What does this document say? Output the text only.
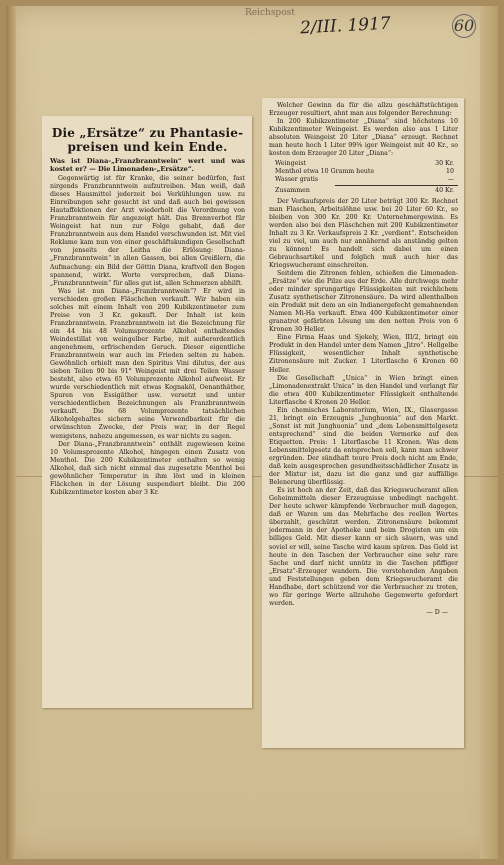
Reichspost
2/III. 1917	60
Die „Ersätze“ zu Phantasiepreisen und kein Ende.
Was ist Diana-„Franzbranntwein“ wert und was kostet er? — Die Limonaden-„Ersätze“.

Gegenwärtig ist für Kranke, die seiner bedürfen, fast nirgends Franzbranntwein aufzutreiben. Man weiß, daß dieses Hausmittel jederzeit bei Verkühlungen usw. zu Einreibungen sehr gesucht ist und daß auch bei gewissen Hautaffektionen der Arzt wiederholt die Verordnung von Franzbranntwein für angezeigt hält. Das Brennverbot für Weingeist hat nun zur Folge gehabt, daß der Franzbranntwein aus dem Handel verschwunden ist. Mit viel Reklame kam nun von einer geschäftskundigen Gesellschaft von jenseits der Leitha die Erlösung: Diana-„Franzbranntwein“ in allen Gassen, bei allen Greißlern, die Aufmachung: ein Bild der Göttin Diana, kraftvoll den Bogen spannend, wirkt. Worte versprechen, daß Diana-„Franzbranntwein“ für alles gut ist, allen Schmerzen abhilft.

Was ist nun Diana-„Franzbranntwein“? Er wird in verschieden großen Fläschchen verkauft. Wir haben ein solches mit einem Inhalt von 200 Kubikzentimeter zum Preise von 3 Kr. gekauft. Der Inhalt ist kein Franzbranntwein. Franzbranntwein ist die Bezeichnung für ein 44 bis 48 Volumsprozente Alkohol enthaltendes Weindestillat von weingelber Farbe, mit außerordentlich angenehmem, erfrischenden Geruch. Dieser eigentliche Franzbranntwein war auch im Frieden selten zu haben. Gewöhnlich erhielt man den Spiritus Vini dilutus, der aus sieben Teilen 90 bis 91° Weingeist mit drei Teilen Wasser besteht, also etwa 65 Volumprozente Alkohol aufweist. Er wurde verschiedentlich mit etwas Kognaköl, Oenanthäther, Spuren von Essigäther usw. versetzt und unter verschiedentlichen Bezeichnungen als Franzbranntwein verkauft. Die 68 Volumprozente tatsächlichen Alkoholgehaltes sichern seine Verwendbarkeit für die erwünschten Zwecke, der Preis war, in der Regel wenigstens, nahezu angemessen, es war nichts zu sagen.

Der Diana-„Franzbranntwein“ enthält zugewiesen keine 10 Volumsprozente Alkohol, hingegen einen Zusatz von Menthol. Die 200 Kubikzentimeter enthalten so wenig Alkohol, daß sich nicht einmal das zugesetzte Menthol bei gewöhnlicher Temperatur in ihm löst und in kleinen Fläckchen in der Lösung suspendiert bleibt. Die 200 Kubikzentimeter kosten aber 3 Kr.

Welcher Gewinn da für die allzu geschäftstüchtigen Erzeuger resultiert, ahnt man aus folgender Berechnung:

In 200 Kubikzentimeter „Diana“ sind höchstens 10 Kubikzentimeter Weingeist. Es werden also aus 1 Liter absoluten Weingeist 20 Liter „Diana“ erzeugt. Rechnet man heute hoch 1 Liter 99⅜ iger Weingeist mit 40 Kr., so kosten dem Erzeuger 20 Liter „Diana“:

Weingeist	30 Kr.
Menthol etwa 10 Gramm heute	10
Wasser gratis	—
Zusammen	40 Kr.

Der Verkaufspreis der 20 Liter beträgt 300 Kr. Rechnet man Flaschen, Arbeitslöhne usw. bei 20 Liter 60 Kr., so bleiben von 300 Kr. 200 Kr. Unternehmergewinn. Es werden also bei den Fläschchen mit 200 Kubikzentimeter Inhalt zu 3 Kr. Verkaufspreis 2 Kr. „verdient“. Entscheiden viel zu viel, um auch nur annähernd als anständig gelten zu können! Es handelt sich dabei um einen Gebrauchsartikel und folglich muß auch hier das Kriegswucheramt einschreiten.

Seitdem die Zitronen fehlen, schießen die Limonaden-„Ersätze“ wie die Pilze aus der Erde. Alle durchwegs mehr oder minder sprungartige Flüssigkeiten mit reichlichem Zusatz synthetischer Zitronensäure. Da wird allenthalben ein Produkt mit dem an ein Indianergefecht gemahnenden Namen Mi-Ha verkauft. Etwa 400 Kubikzentimeter einer granatrot gefärbten Lösung um den netten Preis von 6 Kronen 30 Heller.

Eine Firma Haas und Sjekely, Wien, III/2, bringt ein Produkt in den Handel unter dem Namen „Jitro“. Hellgelbe Flüssigkeit, wesentlicher Inhalt synthetische Zitronensäure mit Zucker. 1 Literflasche 6 Kronen 60 Heller.

Die Gesellschaft „Unica“ in Wien bringt einen „Limonadenextrakt Unica“ in den Handel und verlangt für die etwa 400 Kubikzentimeter Flüssigkeit enthaltende Literflasche 4 Kronen 20 Heller.

Ein chemisches Laboratorium, Wien, IX., Glasergasse 21, bringt ein Erzeugnis „Junghuonia“ auf den Markt. „Sonst ist mit Junghuonia“ und „dem Lebensmittelgesetz entsprechend“ sind die beiden Vermerke auf den Etiquetten. Preis: 1 Literflasche 11 Kronen. Was dem Lebensmittelgesetz da entsprechen soll, kann man schwer ergründen. Der sündhaft teure Preis doch nicht am Ende, daß kein ausgesprochen gesundheitsschädlicher Zusatz in der Mixtur ist, dazu ist die ganz und gar auffällige Belenerung überflüssig.

Es ist hoch an der Zeit, daß das Kriegswucheramt allen Geheimmitteln dieser Erzeugnisse unbedingt nachgeht. Der heute schwer kämpfende Verbraucher muß dagegen, daß er Waren um das Mehrfache des reellen Wertes überzahlt, geschützt werden. Zitronensäure bekommt jedermann in der Apotheke und beim Drogisten um ein billiges Geld. Mit dieser kann er sich säuern, was und soviel er will, seine Tasche wird kaum spüren. Das Geld ist heute in den Taschen der Verbraucher eine sehr rare Sache und darf nicht unnütz in die Taschen pfiffiger „Ersatz“-Erzeuger wandern. Die vorstehenden Angaben und Feststellungen geben dem Kriegswucheramt die Handhabe, dort schützend vor die Verbraucher zu treten, wo für geringe Werte allzuhohe Gegenwerte gefordert werden.

— D —
